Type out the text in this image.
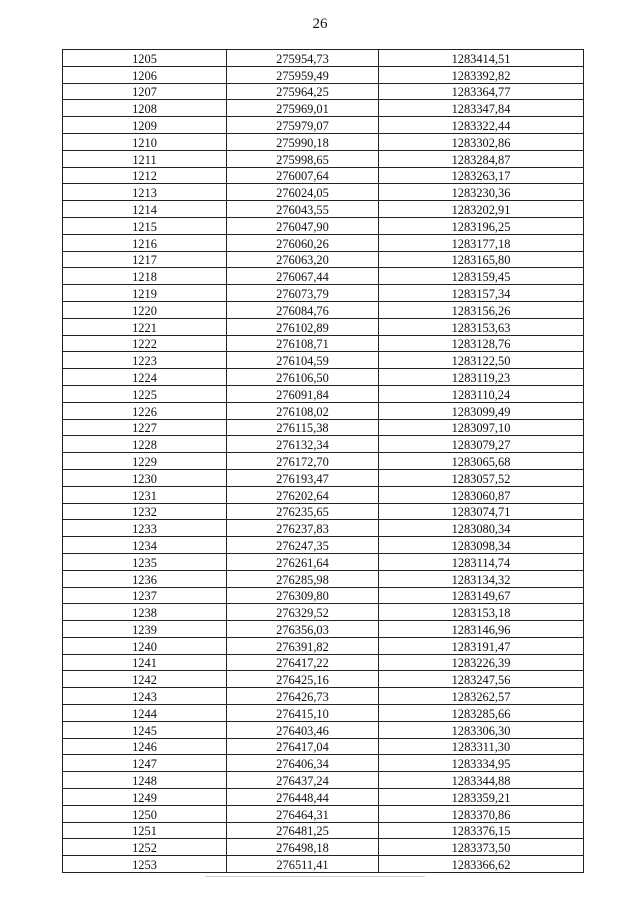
26
1205	275954,73	1283414,51
1206	275959,49	1283392,82
1207	275964,25	1283364,77
1208	275969,01	1283347,84
1209	275979,07	1283322,44
1210	275990,18	1283302,86
1211	275998,65	1283284,87
1212	276007,64	1283263,17
1213	276024,05	1283230,36
1214	276043,55	1283202,91
1215	276047,90	1283196,25
1216	276060,26	1283177,18
1217	276063,20	1283165,80
1218	276067,44	1283159,45
1219	276073,79	1283157,34
1220	276084,76	1283156,26
1221	276102,89	1283153,63
1222	276108,71	1283128,76
1223	276104,59	1283122,50
1224	276106,50	1283119,23
1225	276091,84	1283110,24
1226	276108,02	1283099,49
1227	276115,38	1283097,10
1228	276132,34	1283079,27
1229	276172,70	1283065,68
1230	276193,47	1283057,52
1231	276202,64	1283060,87
1232	276235,65	1283074,71
1233	276237,83	1283080,34
1234	276247,35	1283098,34
1235	276261,64	1283114,74
1236	276285,98	1283134,32
1237	276309,80	1283149,67
1238	276329,52	1283153,18
1239	276356,03	1283146,96
1240	276391,82	1283191,47
1241	276417,22	1283226,39
1242	276425,16	1283247,56
1243	276426,73	1283262,57
1244	276415,10	1283285,66
1245	276403,46	1283306,30
1246	276417,04	1283311,30
1247	276406,34	1283334,95
1248	276437,24	1283344,88
1249	276448,44	1283359,21
1250	276464,31	1283370,86
1251	276481,25	1283376,15
1252	276498,18	1283373,50
1253	276511,41	1283366,62
